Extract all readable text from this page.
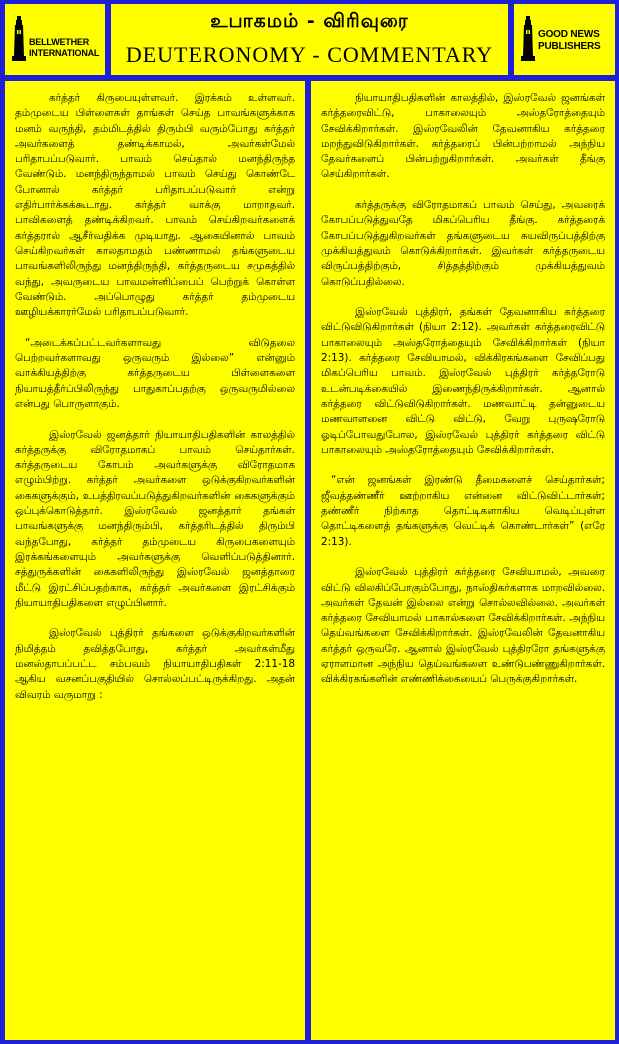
BELLWETHER
INTERNATIONAL
உபாகமம் - விரிவுரை
DEUTERONOMY - COMMENTARY
GOOD NEWS
PUBLISHERS

கர்த்தர் கிருபையுள்ளவர். இரக்கம் உள்ளவர். தம்முடைய பிள்ளைகள் தாங்கள் செய்த பாவங்களுக்காக மனம் வருந்தி, தம்மிடத்தில் திரும்பி வரும்போது கர்த்தர் அவர்களைத் தண்டிக்காமல், அவர்கள்மேல் பரிதாபப்படுவார். பாவம் செய்தால் மனந்திருந்த வேண்டும். மனந்திருந்தாமல் பாவம் செய்து கொண்டே போனால் கர்த்தர் பரிதாபப்படுவார் என்று எதிர்பார்க்கக்கூடாது. கர்த்தர் வாக்கு மாறாதவர். பாவிகளைத் தண்டிக்கிறவர். பாவம் செய்கிறவர்களைக் கர்த்தரால் ஆசீர்வதிக்க முடியாது. ஆகையினால் பாவம் செய்கிறவர்கள் காலதாமதம் பண்ணாமல் தங்களுடைய பாவங்களிலிருந்து மனந்திருந்தி, கர்த்தருடைய சமுகத்தில் வந்து, அவருடைய பாவமன்னிப்பைப் பெற்றுக் கொள்ள வேண்டும். அப்பொழுது கர்த்தர் தம்முடைய ஊழியக்காரர்மேல் பரிதாபப்படுவார்.

“அடைக்கப்பட்டவர்களாவது விடுதலை பெற்றவர்களாவது ஒருவரும் இல்லை” என்னும் வாக்கியத்திற்கு கர்த்தருடைய பிள்ளைகளை நியாயத்தீர்ப்பிலிருந்து பாதுகாப்பதற்கு ஒருவருமில்லை என்பது பொருளாகும்.

இஸ்ரவேல் ஜனத்தார் நியாயாதிபதிகளின் காலத்தில் கர்த்தருக்கு விரோதமாகப் பாவம் செய்தார்கள். கர்த்தருடைய கோபம் அவர்களுக்கு விரோதமாக எழும்பிற்று. கர்த்தர் அவர்களை ஒடுக்குகிறவர்களின் கைகளுக்கும், உபத்திரவப்படுத்துகிறவர்களின் கைகளுக்கும் ஒப்புக்கொடுத்தார். இஸ்ரவேல் ஜனத்தார் தங்கள் பாவங்களுக்கு மனந்திரும்பி, கர்த்தரிடத்தில் திரும்பி வந்தபோது, கர்த்தர் தம்முடைய கிருபைகளையும் இரக்கங்களையும் அவர்களுக்கு வெளிப்படுத்தினார். சத்துருக்களின் கைகளிலிருந்து இஸ்ரவேல் ஜனத்தாரை மீட்டு இரட்சிப்பதற்காக, கர்த்தர் அவர்களை இரட்சிக்கும் நியாயாதிபதிகளை எழுப்பினார்.

இஸ்ரவேல் புத்திரர் தங்களை ஒடுக்குகிறவர்களின் நிமித்தம் தவித்தபோது, கர்த்தர் அவர்கள்மீது மனஸ்தாபப்பட்ட சம்பவம் நியாயாதிபதிகள் 2:11-18 ஆகிய வசனப்பகுதியில் சொல்லப்பட்டிருக்கிறது. அதன் விவரம் வருமாறு :

நியாயாதிபதிகளின் காலத்தில், இஸ்ரவேல் ஜனங்கள் கர்த்தரைவிட்டு, பாகாலையும் அஸ்தரோத்தையும் சேவிக்கிறார்கள். இஸ்ரவேலின் தேவனாகிய கர்த்தரை மறந்துவிடுகிறார்கள். கர்த்தரைப் பின்பற்றாமல் அந்நிய தேவர்களைப் பின்பற்றுகிறார்கள். அவர்கள் தீங்கு செய்கிறார்கள்.

கர்த்தருக்கு விரோதமாகப் பாவம் செய்து, அவரைக் கோபப்படுத்துவதே மிகப்பெரிய தீங்கு. கர்த்தரைக் கோபப்படுத்துகிறவர்கள் தங்களுடைய சுயவிருப்பத்திற்கு முக்கியத்துவம் கொடுக்கிறார்கள். இவர்கள் கர்த்தருடைய விருப்பத்திற்கும், சித்தத்திற்கும் முக்கியத்துவம் கொடுப்பதில்லை.

இஸ்ரவேல் புத்திரர், தங்கள் தேவனாகிய கர்த்தரை விட்டுவிடுகிறார்கள் (நியா 2:12). அவர்கள் கர்த்தரைவிட்டு பாகாலையும் அஸ்தரோத்தையும் சேவிக்கிறார்கள் (நியா 2:13). கர்த்தரை சேவியாமல், விக்கிரகங்களை சேவிப்பது மிகப்பெரிய பாவம். இஸ்ரவேல் புத்திரர் கர்த்தரோடு உடன்படிக்கையில் இணைந்திருக்கிறார்கள். ஆனால் கர்த்தரை விட்டுவிடுகிறார்கள். மணவாட்டி தன்னுடைய மணவாளனை விட்டு விட்டு, வேறு புருஷரோடு ஓடிப்போவதுபோல, இஸ்ரவேல் புத்திரர் கர்த்தரை விட்டு பாகாலையும் அஸ்தரோத்தையும் சேவிக்கிறார்கள்.

“என் ஜனங்கள் இரண்டு தீமைகளைச் செய்தார்கள்; ஜீவத்தண்ணீர் ஊற்றாகிய என்னை விட்டுவிட்டார்கள்; தண்ணீர் நிற்காத தொட்டிகளாகிய வெடிப்புள்ள தொட்டிகளைத் தங்களுக்கு வெட்டிக் கொண்டார்கள்” (எரே 2:13).

இஸ்ரவேல் புத்திரர் கர்த்தரை சேவியாமல், அவரை விட்டு விலகிப்போகும்போது, நாஸ்திகர்களாக மாறவில்லை. அவர்கள் தேவன் இல்லை என்று சொல்லவில்லை. அவர்கள் கர்த்தரை சேவியாமல் பாகால்களை சேவிக்கிறார்கள். அந்நிய தெய்வங்களை சேவிக்கிறார்கள். இஸ்ரவேலின் தேவனாகிய கர்த்தர் ஒருவரே. ஆனால் இஸ்ரவேல் புத்திரரோ தங்களுக்கு ஏராளமான அந்நிய தெய்வங்களை உண்டுபண்ணுகிறார்கள். விக்கிரகங்களின் எண்ணிக்கையைப் பெருக்குகிறார்கள்.
